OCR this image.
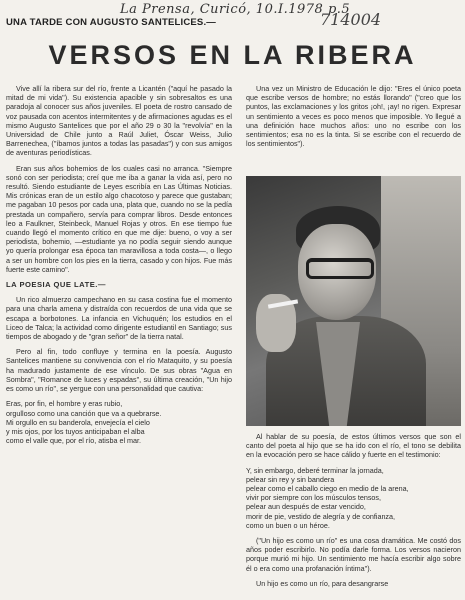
La Prensa, Curicó, 10.I.1978 p.5
714004
UNA TARDE CON AUGUSTO SANTELICES.—
VERSOS EN LA RIBERA

Vive allí la ribera sur del río, frente a Licantén ("aquí he pasado la mitad de mi vida"). Su existencia apacible y sin sobresaltos es una paradoja al conocer sus años juveniles. El poeta de rostro cansado de voz pausada con acentos intermitentes y de afirmaciones agudas es el mismo Augusto Santelices que por el año 29 o 30 la "revolvía" en la Universidad de Chile junto a Raúl Juliet, Óscar Weiss, Julio Barrenechea, ("íbamos juntos a todas las pasadas") y con sus amigos de aventuras periodísticas.

Eran sus años bohemios de los cuales casi no arranca. "Siempre sonó con ser periodista; creí que me iba a ganar la vida así, pero no resultó. Siendo estudiante de Leyes escribía en Las Últimas Noticias. Mis crónicas eran de un estilo algo chacotoso y parece que gustaban; me pagaban 10 pesos por cada una, plata que, cuando no se la pedía prestada un compañero, servía para comprar libros. Desde entonces leo a Faulkner, Steinbeck, Manuel Rojas y otros. En ese tiempo fue cuando llegó el momento crítico en que me dije: bueno, o voy a ser periodista, bohemio, —estudiante ya no podía seguir siendo aunque yo quería prolongar esa época tan maravillosa a toda costa—, o llego a ser un hombre con los pies en la tierra, casado y con hijos. Fue más fuerte este camino".

LA POESIA QUE LATE.—

Un rico almuerzo campechano en su casa costina fue el momento para una charla amena y distraída con recuerdos de una vida que se escapa a borbotones. La infancia en Vichuquén; los estudios en el Liceo de Talca; la actividad como dirigente estudiantil en Santiago; sus tiempos de abogado y de "gran señor" de la tierra natal.

Pero al fin, todo confluye y termina en la poesía. Augusto Santelices mantiene su convivencia con el río Mataquito, y su poesía ha madurado justamente de ese vínculo. De sus obras "Agua en Sombra", "Romance de luces y espadas", su última creación, "Un hijo es como un río", se yergue con una personalidad que cautiva:

Eras, por fin, el hombre y eras rubio,
orgulloso como una canción que va a quebrarse.
Mi orgullo en su banderola, envejecía el cielo
y mis ojos, por los tuyos anticipaban el alba
como el valle que, por el río, atisba el mar.

Una vez un Ministro de Educación le dijo: "Eres el único poeta que escribe versos de hombre; no estás llorando" ("creo que los puntos, las exclamaciones y los gritos ¡oh!, ¡ay! no rigen. Expresar un sentimiento a veces es poco menos que imposible. Yo llegué a una definición hace muchos años: uno no escribe con los sentimientos; esa no es la tinta. Si se escribe con el recuerdo de los sentimientos").

Al hablar de su poesía, de estos últimos versos que son el canto del poeta al hijo que se ha ido con el río, el tono se debilita en la evocación pero se hace cálido y fuerte en el testimonio:

Y, sin embargo, deberé terminar la jornada,
pelear sin rey y sin bandera
pelear como el caballo ciego en medio de la arena,
vivir por siempre con los músculos tensos,
pelear aun después de estar vencido,
morir de pie, vestido de alegría y de confianza,
como un buen o un héroe.

("Un hijo es como un río" es una cosa dramática. Me costó dos años poder escribirlo. No podía darle forma. Los versos nacieron porque murió mi hijo. Un sentimiento me hacía escribir algo sobre él o era como una profanación íntima").

Un hijo es como un río, para desangrarse
